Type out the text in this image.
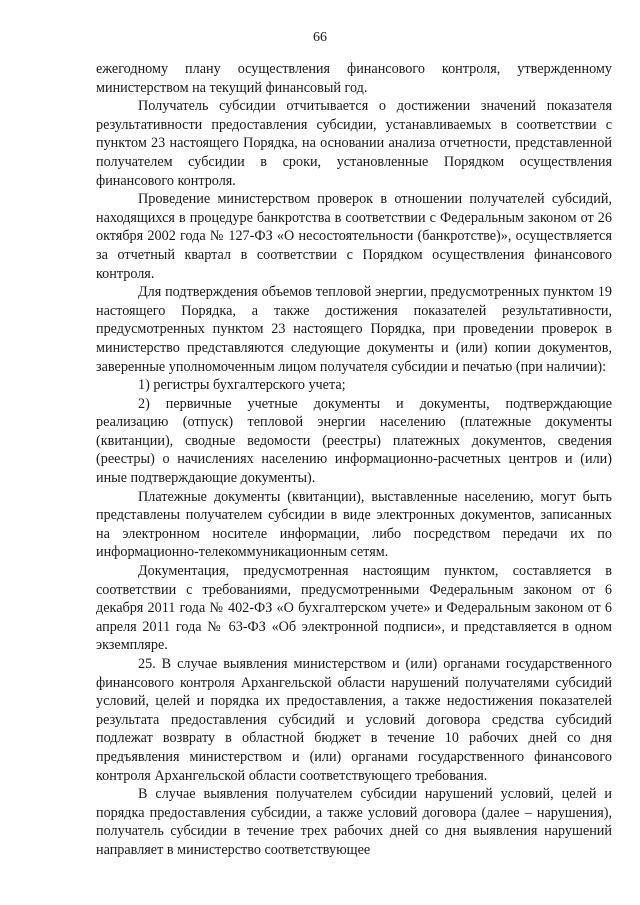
66

ежегодному плану осуществления финансового контроля, утвержденному министерством на текущий финансовый год.

Получатель субсидии отчитывается о достижении значений показателя результативности предоставления субсидии, устанавливаемых в соответствии с пунктом 23 настоящего Порядка, на основании анализа отчетности, представленной получателем субсидии в сроки, установленные Порядком осуществления финансового контроля.

Проведение министерством проверок в отношении получателей субсидий, находящихся в процедуре банкротства в соответствии с Федеральным законом от 26 октября 2002 года № 127-ФЗ «О несостоятельности (банкротстве)», осуществляется за отчетный квартал в соответствии с Порядком осуществления финансового контроля.

Для подтверждения объемов тепловой энергии, предусмотренных пунктом 19 настоящего Порядка, а также достижения показателей результативности, предусмотренных пунктом 23 настоящего Порядка, при проведении проверок в министерство представляются следующие документы и (или) копии документов, заверенные уполномоченным лицом получателя субсидии и печатью (при наличии):

1) регистры бухгалтерского учета;

2) первичные учетные документы и документы, подтверждающие реализацию (отпуск) тепловой энергии населению (платежные документы (квитанции), сводные ведомости (реестры) платежных документов, сведения (реестры) о начислениях населению информационно-расчетных центров и (или) иные подтверждающие документы).

Платежные документы (квитанции), выставленные населению, могут быть представлены получателем субсидии в виде электронных документов, записанных на электронном носителе информации, либо посредством передачи их по информационно-телекоммуникационным сетям.

Документация, предусмотренная настоящим пунктом, составляется в соответствии с требованиями, предусмотренными Федеральным законом от 6 декабря 2011 года № 402-ФЗ «О бухгалтерском учете» и Федеральным законом от 6 апреля 2011 года № 63-ФЗ «Об электронной подписи», и представляется в одном экземпляре.

25. В случае выявления министерством и (или) органами государственного финансового контроля Архангельской области нарушений получателями субсидий условий, целей и порядка их предоставления, а также недостижения показателей результата предоставления субсидий и условий договора средства субсидий подлежат возврату в областной бюджет в течение 10 рабочих дней со дня предъявления министерством и (или) органами государственного финансового контроля Архангельской области соответствующего требования.

В случае выявления получателем субсидии нарушений условий, целей и порядка предоставления субсидии, а также условий договора (далее – нарушения), получатель субсидии в течение трех рабочих дней со дня выявления нарушений направляет в министерство соответствующее
